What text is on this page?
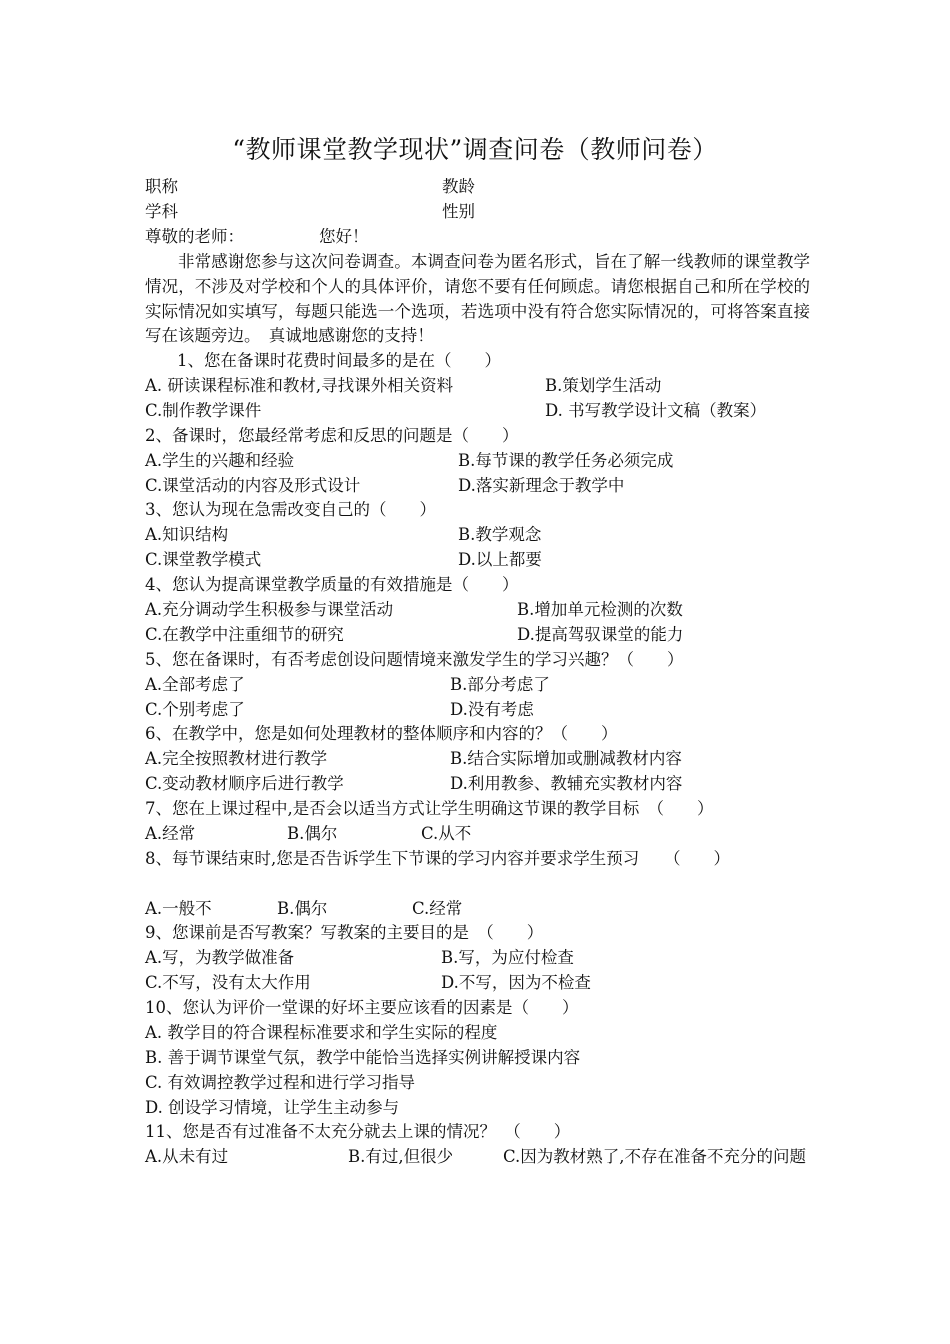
“教师课堂教学现状”调查问卷（教师问卷）
职称	教龄
学科	性别
尊敬的老师：	您好！
非常感谢您参与这次问卷调查。本调查问卷为匿名形式，旨在了解一线教师的课堂教学情况，不涉及对学校和个人的具体评价，请您不要有任何顾虑。请您根据自己和所在学校的实际情况如实填写，每题只能选一个选项，若选项中没有符合您实际情况的，可将答案直接写在该题旁边。　真诚地感谢您的支持！
1、您在备课时花费时间最多的是在（　　）
A. 研读课程标准和教材,寻找课外相关资料	B.策划学生活动
C.制作教学课件	D. 书写教学设计文稿（教案）
2、备课时，您最经常考虑和反思的问题是（　　）
A.学生的兴趣和经验	B.每节课的教学任务必须完成
C.课堂活动的内容及形式设计	D.落实新理念于教学中
3、您认为现在急需改变自己的（　　）
A.知识结构	B.教学观念
C.课堂教学模式	D.以上都要
4、您认为提高课堂教学质量的有效措施是（　　）
A.充分调动学生积极参与课堂活动	B.增加单元检测的次数
C.在教学中注重细节的研究	D.提高驾驭课堂的能力
5、您在备课时，有否考虑创设问题情境来激发学生的学习兴趣？（　　）
A.全部考虑了	B.部分考虑了
C.个别考虑了	D.没有考虑
6、在教学中，您是如何处理教材的整体顺序和内容的？（　　）
A.完全按照教材进行教学	B.结合实际增加或删减教材内容
C.变动教材顺序后进行教学	D.利用教参、教辅充实教材内容
7、您在上课过程中,是否会以适当方式让学生明确这节课的教学目标　（　　）
A.经常	B.偶尔	C.从不
8、每节课结束时,您是否告诉学生下节课的学习内容并要求学生预习　　（　　）
A.一般不	B.偶尔	C.经常
9、您课前是否写教案？写教案的主要目的是　（　　）
A.写，为教学做准备	B.写，为应付检查
C.不写，没有太大作用	D.不写，因为不检查
10、您认为评价一堂课的好坏主要应该看的因素是（　　）
A. 教学目的符合课程标准要求和学生实际的程度
B. 善于调节课堂气氛，教学中能恰当选择实例讲解授课内容
C. 有效调控教学过程和进行学习指导
D. 创设学习情境，让学生主动参与
11、您是否有过准备不太充分就去上课的情况？　（　　）
A.从未有过	B.有过,但很少	C.因为教材熟了,不存在准备不充分的问题
